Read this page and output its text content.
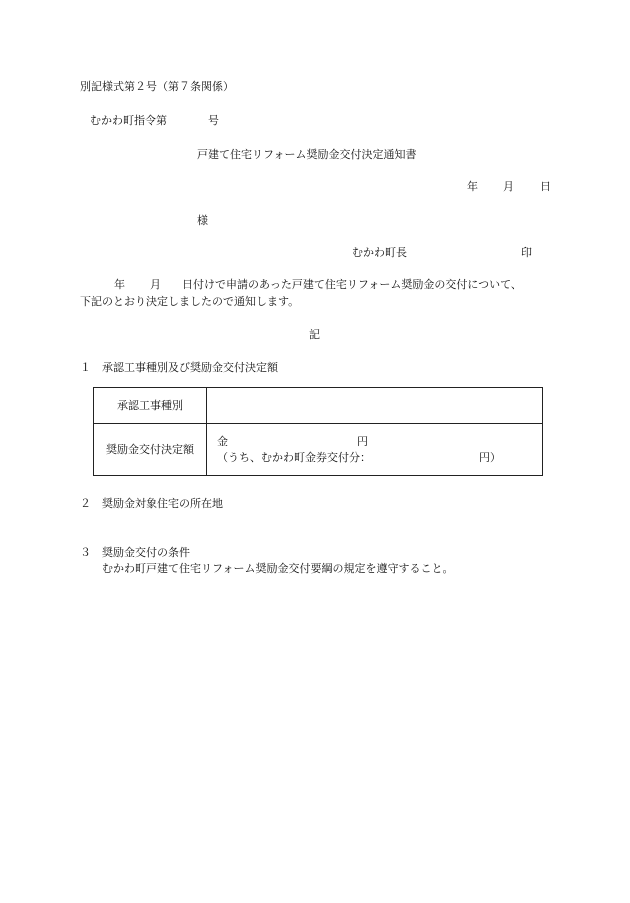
別記様式第２号（第７条関係）
むかわ町指令第	号
戸建て住宅リフォーム奨励金交付決定通知書
年 月 日
様
むかわ町長	印
年 月 日付けで申請のあった戸建て住宅リフォーム奨励金の交付について、
下記のとおり決定しましたので通知します。
記
１　承認工事種別及び奨励金交付決定額
承認工事種別	
奨励金交付決定額	金 円
（うち、むかわ町金券交付分： 円）
２　奨励金対象住宅の所在地
３　奨励金交付の条件
むかわ町戸建て住宅リフォーム奨励金交付要綱の規定を遵守すること。
